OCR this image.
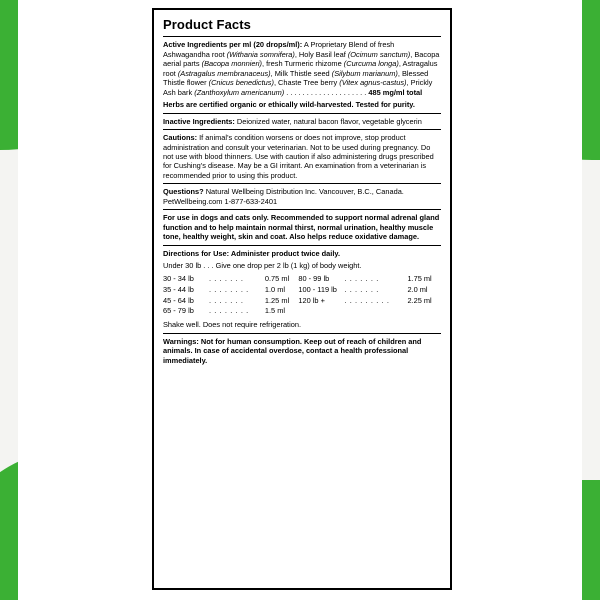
Product Facts

Active Ingredients per ml (20 drops/ml): A Proprietary Blend of fresh Ashwagandha root (Withania somnifera), Holy Basil leaf (Ocimum sanctum), Bacopa aerial parts (Bacopa monnieri), fresh Turmeric rhizome (Curcuma longa), Astragalus root (Astragalus membranaceus), Milk Thistle seed (Silybum marianum), Blessed Thistle flower (Cnicus benedictus), Chaste Tree berry (Vitex agnus-castus), Prickly Ash bark (Zanthoxylum americanum) . . . . . . . . . . . . . . . . . . . . 485 mg/ml total

Herbs are certified organic or ethically wild-harvested. Tested for purity.

Inactive Ingredients: Deionized water, natural bacon flavor, vegetable glycerin

Cautions: If animal's condition worsens or does not improve, stop product administration and consult your veterinarian. Not to be used during pregnancy. Do not use with blood thinners. Use with caution if also administering drugs prescribed for Cushing's disease. May be a GI irritant. An examination from a veterinarian is recommended prior to using this product.

Questions? Natural Wellbeing Distribution Inc. Vancouver, B.C., Canada.

PetWellbeing.com 1-877-633-2401

For use in dogs and cats only. Recommended to support normal adrenal gland function and to help maintain normal thirst, normal urination, healthy muscle tone, healthy weight, skin and coat. Also helps reduce oxidative damage.

Directions for Use: Administer product twice daily.

Under 30 lb . . . Give one drop per 2 lb (1 kg) of body weight.

30 - 34 lb	. . . . . . .	0.75 ml	80 - 99 lb	. . . . . . .	1.75 ml
35 - 44 lb	. . . . . . . .	1.0 ml	100 - 119 lb	. . . . . . .	2.0 ml
45 - 64 lb	. . . . . . .	1.25 ml	120 lb +	. . . . . . . . .	2.25 ml
65 - 79 lb	. . . . . . . .	1.5 ml			

Shake well. Does not require refrigeration.

Warnings: Not for human consumption. Keep out of reach of children and animals. In case of accidental overdose, contact a health professional immediately.
